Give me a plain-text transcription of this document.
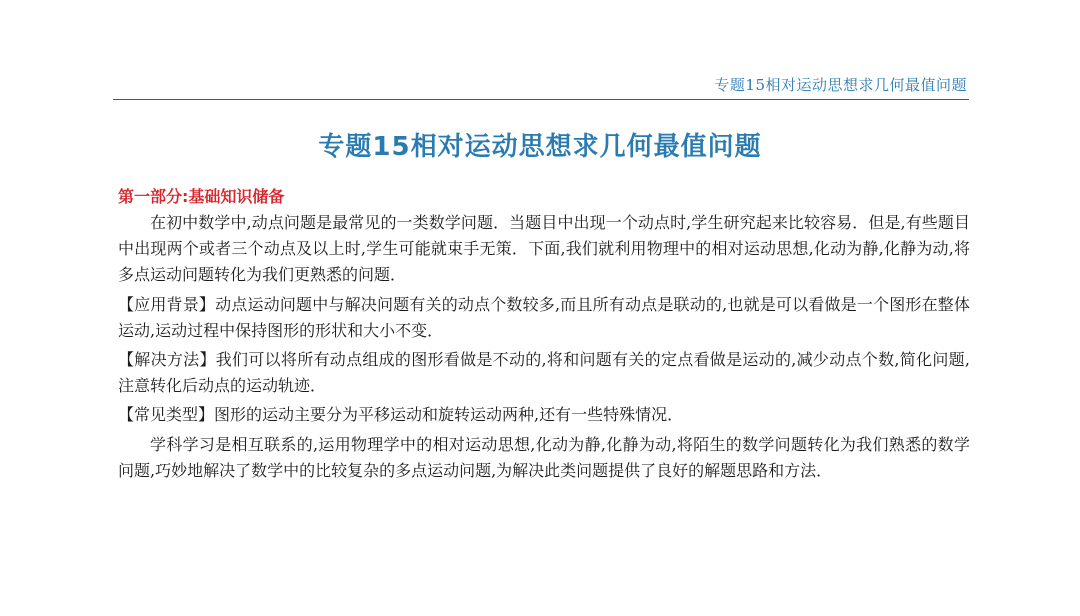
专题15相对运动思想求几何最值问题
专题15相对运动思想求几何最值问题
第一部分:基础知识储备

在初中数学中,动点问题是最常见的一类数学问题．当题目中出现一个动点时,学生研究起来比较容易．但是,有些题目中出现两个或者三个动点及以上时,学生可能就束手无策．下面,我们就利用物理中的相对运动思想,化动为静,化静为动,将多点运动问题转化为我们更熟悉的问题．

【应用背景】动点运动问题中与解决问题有关的动点个数较多,而且所有动点是联动的,也就是可以看做是一个图形在整体运动,运动过程中保持图形的形状和大小不变．

【解决方法】我们可以将所有动点组成的图形看做是不动的,将和问题有关的定点看做是运动的,减少动点个数,简化问题,注意转化后动点的运动轨迹．

【常见类型】图形的运动主要分为平移运动和旋转运动两种,还有一些特殊情况．

学科学习是相互联系的,运用物理学中的相对运动思想,化动为静,化静为动,将陌生的数学问题转化为我们熟悉的数学问题,巧妙地解决了数学中的比较复杂的多点运动问题,为解决此类问题提供了良好的解题思路和方法．
